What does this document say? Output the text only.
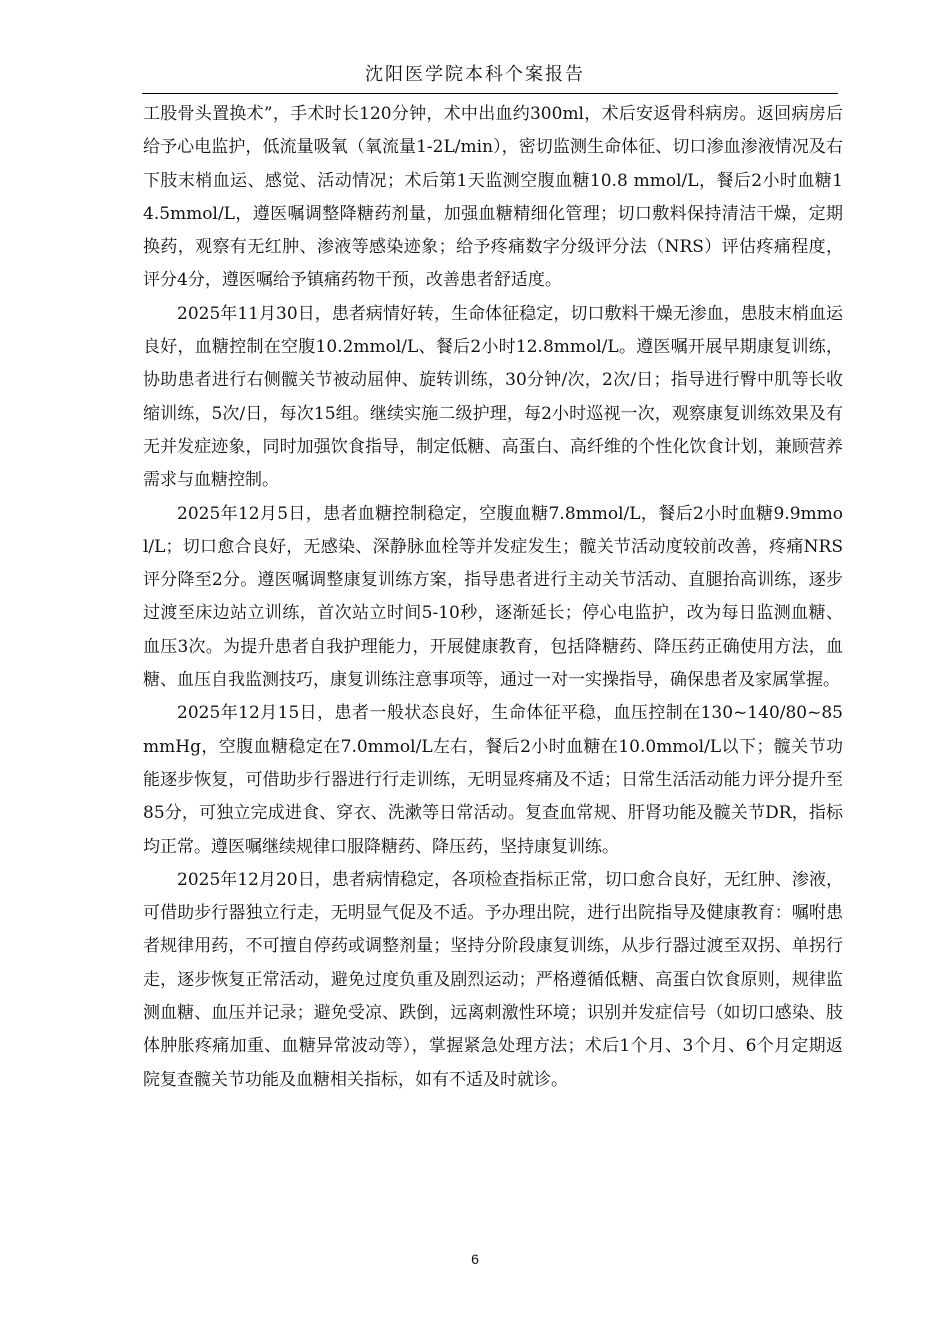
沈阳医学院本科个案报告

工股骨头置换术”，手术时长120分钟，术中出血约300ml，术后安返骨科病房。返回病房后给予心电监护，低流量吸氧（氧流量1-2L/min），密切监测生命体征、切口渗血渗液情况及右下肢末梢血运、感觉、活动情况；术后第1天监测空腹血糖10.8 mmol/L，餐后2小时血糖14.5mmol/L，遵医嘱调整降糖药剂量，加强血糖精细化管理；切口敷料保持清洁干燥，定期换药，观察有无红肿、渗液等感染迹象；给予疼痛数字分级评分法（NRS）评估疼痛程度，评分4分，遵医嘱给予镇痛药物干预，改善患者舒适度。

2025年11月30日，患者病情好转，生命体征稳定，切口敷料干燥无渗血，患肢末梢血运良好，血糖控制在空腹10.2mmol/L、餐后2小时12.8mmol/L。遵医嘱开展早期康复训练，协助患者进行右侧髋关节被动屈伸、旋转训练，30分钟/次，2次/日；指导进行臀中肌等长收缩训练，5次/日，每次15组。继续实施二级护理，每2小时巡视一次，观察康复训练效果及有无并发症迹象，同时加强饮食指导，制定低糖、高蛋白、高纤维的个性化饮食计划，兼顾营养需求与血糖控制。

2025年12月5日，患者血糖控制稳定，空腹血糖7.8mmol/L，餐后2小时血糖9.9mmol/L；切口愈合良好，无感染、深静脉血栓等并发症发生；髋关节活动度较前改善，疼痛NRS评分降至2分。遵医嘱调整康复训练方案，指导患者进行主动关节活动、直腿抬高训练，逐步过渡至床边站立训练，首次站立时间5-10秒，逐渐延长；停心电监护，改为每日监测血糖、血压3次。为提升患者自我护理能力，开展健康教育，包括降糖药、降压药正确使用方法，血糖、血压自我监测技巧，康复训练注意事项等，通过一对一实操指导，确保患者及家属掌握。

2025年12月15日，患者一般状态良好，生命体征平稳，血压控制在130~140/80~85mmHg，空腹血糖稳定在7.0mmol/L左右，餐后2小时血糖在10.0mmol/L以下；髋关节功能逐步恢复，可借助步行器进行行走训练，无明显疼痛及不适；日常生活活动能力评分提升至85分，可独立完成进食、穿衣、洗漱等日常活动。复查血常规、肝肾功能及髋关节DR，指标均正常。遵医嘱继续规律口服降糖药、降压药，坚持康复训练。

2025年12月20日，患者病情稳定，各项检查指标正常，切口愈合良好，无红肿、渗液，可借助步行器独立行走，无明显气促及不适。予办理出院，进行出院指导及健康教育：嘱咐患者规律用药，不可擅自停药或调整剂量；坚持分阶段康复训练，从步行器过渡至双拐、单拐行走，逐步恢复正常活动，避免过度负重及剧烈运动；严格遵循低糖、高蛋白饮食原则，规律监测血糖、血压并记录；避免受凉、跌倒，远离刺激性环境；识别并发症信号（如切口感染、肢体肿胀疼痛加重、血糖异常波动等），掌握紧急处理方法；术后1个月、3个月、6个月定期返院复查髋关节功能及血糖相关指标，如有不适及时就诊。

6
